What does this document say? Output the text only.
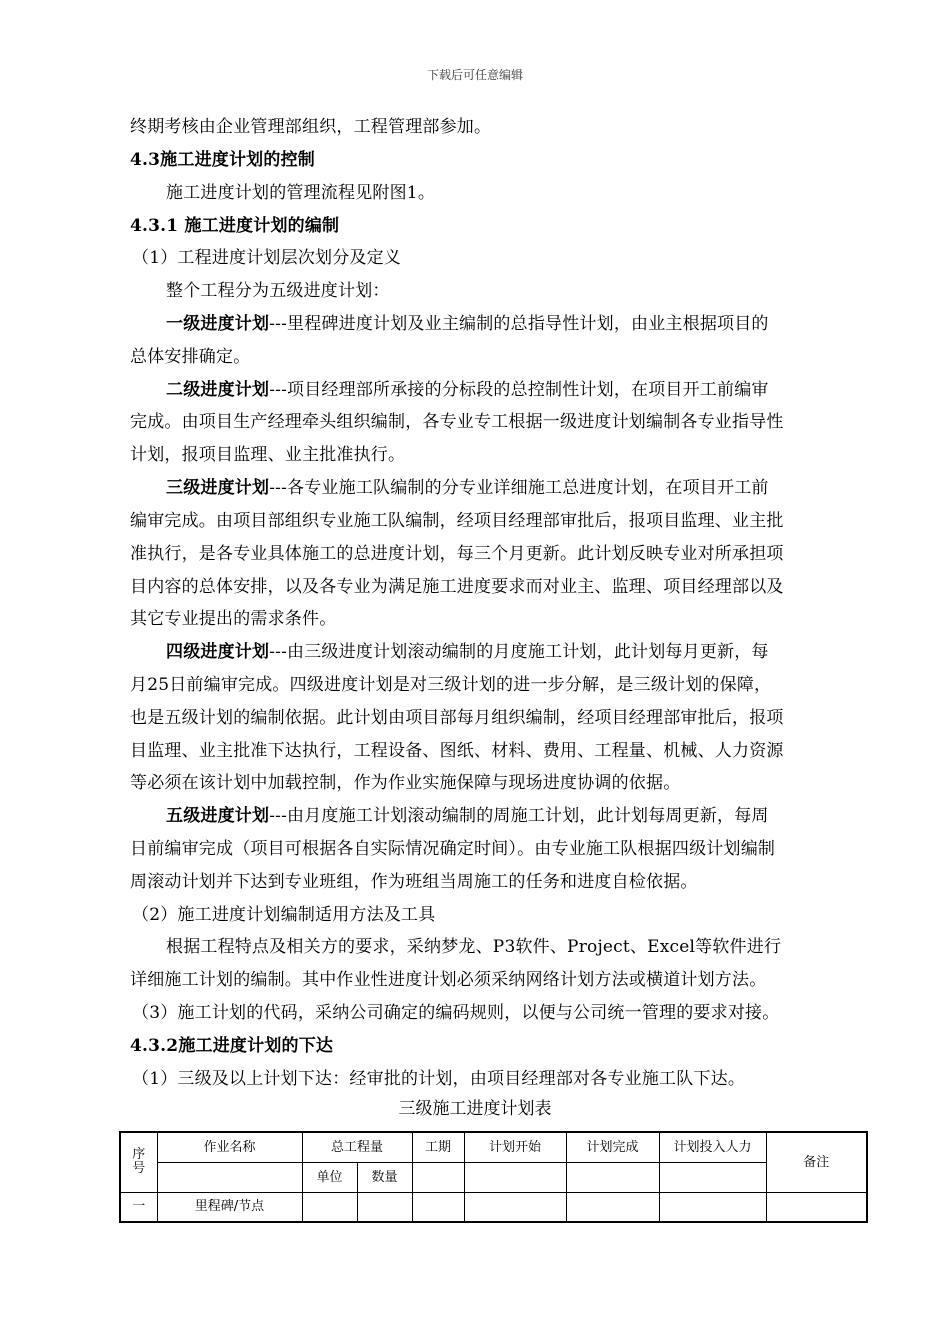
下载后可任意编辑
终期考核由企业管理部组织，工程管理部参加。
4.3施工进度计划的控制
施工进度计划的管理流程见附图1。
4.3.1 施工进度计划的编制
（1）工程进度计划层次划分及定义
整个工程分为五级进度计划：
一级进度计划---里程碑进度计划及业主编制的总指导性计划，由业主根据项目的
总体安排确定。
二级进度计划---项目经理部所承接的分标段的总控制性计划，在项目开工前编审
完成。由项目生产经理牵头组织编制，各专业专工根据一级进度计划编制各专业指导性
计划，报项目监理、业主批准执行。
三级进度计划---各专业施工队编制的分专业详细施工总进度计划，在项目开工前
编审完成。由项目部组织专业施工队编制，经项目经理部审批后，报项目监理、业主批
准执行，是各专业具体施工的总进度计划，每三个月更新。此计划反映专业对所承担项
目内容的总体安排，以及各专业为满足施工进度要求而对业主、监理、项目经理部以及
其它专业提出的需求条件。
四级进度计划---由三级进度计划滚动编制的月度施工计划，此计划每月更新，每
月25日前编审完成。四级进度计划是对三级计划的进一步分解，是三级计划的保障，
也是五级计划的编制依据。此计划由项目部每月组织编制，经项目经理部审批后，报项
目监理、业主批准下达执行，工程设备、图纸、材料、费用、工程量、机械、人力资源
等必须在该计划中加载控制，作为作业实施保障与现场进度协调的依据。
五级进度计划---由月度施工计划滚动编制的周施工计划，此计划每周更新，每周
日前编审完成（项目可根据各自实际情况确定时间）。由专业施工队根据四级计划编制
周滚动计划并下达到专业班组，作为班组当周施工的任务和进度自检依据。
（2）施工进度计划编制适用方法及工具
根据工程特点及相关方的要求，采纳梦龙、P3软件、Project、Excel等软件进行
详细施工计划的编制。其中作业性进度计划必须采纳网络计划方法或横道计划方法。
（3）施工计划的代码，采纳公司确定的编码规则，以便与公司统一管理的要求对接。
4.3.2施工进度计划的下达
（1）三级及以上计划下达：经审批的计划，由项目经理部对各专业施工队下达。
三级施工进度计划表
序号	作业名称	总工程量		工期	计划开始	计划完成	计划投入人力	备注
		单位	数量					
一	里程碑/节点							
